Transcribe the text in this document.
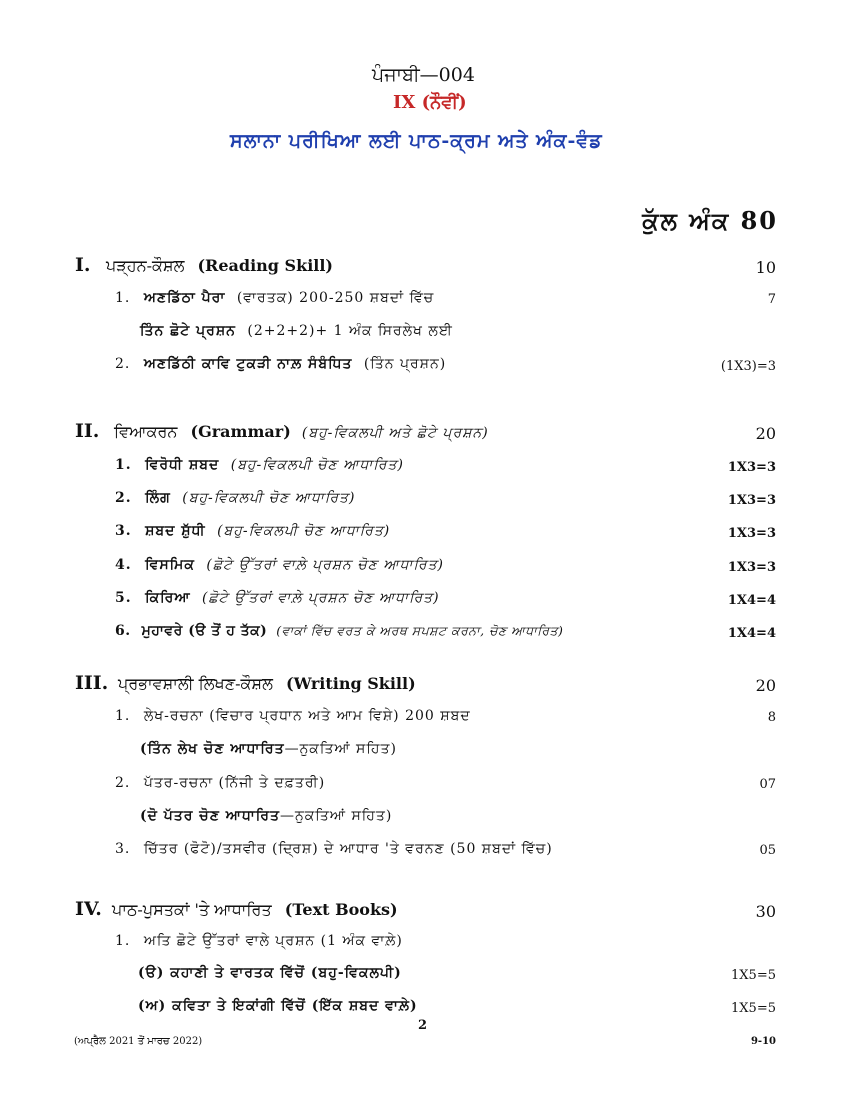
ਪੰਜਾਬੀ—004
IX (ਨੌਵੀਂ)
ਸਲਾਨਾ ਪਰੀਖਿਆ ਲਈ ਪਾਠ-ਕ੍ਰਮ ਅਤੇ ਅੰਕ-ਵੰਡ
ਕੁੱਲ ਅੰਕ 80
I. ਪੜ੍ਹਨ-ਕੌਸ਼ਲ (Reading Skill)	10
1. ਅਣਡਿੱਠਾ ਪੈਰਾ (ਵਾਰਤਕ) 200-250 ਸ਼ਬਦਾਂ ਵਿੱਚ	7
ਤਿੰਨ ਛੋਟੇ ਪ੍ਰਸ਼ਨ (2+2+2)+ 1 ਅੰਕ ਸਿਰਲੇਖ ਲਈ
2. ਅਣਡਿੱਠੀ ਕਾਵਿ ਟੁਕੜੀ ਨਾਲ਼ ਸੰਬੰਧਿਤ (ਤਿੰਨ ਪ੍ਰਸ਼ਨ)	(1X3)=3
II. ਵਿਆਕਰਨ (Grammar) (ਬਹੁ-ਵਿਕਲਪੀ ਅਤੇ ਛੋਟੇ ਪ੍ਰਸ਼ਨ)	20
1. ਵਿਰੋਧੀ ਸ਼ਬਦ (ਬਹੁ-ਵਿਕਲਪੀ ਚੋਣ ਆਧਾਰਿਤ)	1X3=3
2. ਲਿੰਗ (ਬਹੁ-ਵਿਕਲਪੀ ਚੋਣ ਆਧਾਰਿਤ)	1X3=3
3. ਸ਼ਬਦ ਸ਼ੁੱਧੀ (ਬਹੁ-ਵਿਕਲਪੀ ਚੋਣ ਆਧਾਰਿਤ)	1X3=3
4. ਵਿਸਮਿਕ (ਛੋਟੇ ਉੱਤਰਾਂ ਵਾਲ਼ੇ ਪ੍ਰਸ਼ਨ ਚੋਣ ਆਧਾਰਿਤ)	1X3=3
5. ਕਿਰਿਆ (ਛੋਟੇ ਉੱਤਰਾਂ ਵਾਲ਼ੇ ਪ੍ਰਸ਼ਨ ਚੋਣ ਆਧਾਰਿਤ)	1X4=4
6. ਮੁਹਾਵਰੇ (ੳ ਤੋਂ ਹ ਤੱਕ) (ਵਾਕਾਂ ਵਿੱਚ ਵਰਤ ਕੇ ਅਰਥ ਸਪਸ਼ਟ ਕਰਨਾ, ਚੋਣ ਆਧਾਰਿਤ)	1X4=4
III. ਪ੍ਰਭਾਵਸ਼ਾਲੀ ਲਿਖਣ-ਕੌਸ਼ਲ (Writing Skill)	20
1. ਲੇਖ-ਰਚਨਾ (ਵਿਚਾਰ ਪ੍ਰਧਾਨ ਅਤੇ ਆਮ ਵਿਸ਼ੇ) 200 ਸ਼ਬਦ	8
(ਤਿੰਨ ਲੇਖ ਚੋਣ ਆਧਾਰਿਤ—ਨੁਕਤਿਆਂ ਸਹਿਤ)
2. ਪੱਤਰ-ਰਚਨਾ (ਨਿੱਜੀ ਤੇ ਦਫ਼ਤਰੀ)	07
(ਦੋ ਪੱਤਰ ਚੋਣ ਆਧਾਰਿਤ—ਨੁਕਤਿਆਂ ਸਹਿਤ)
3. ਚਿੱਤਰ (ਫੋਟੋ)/ਤਸਵੀਰ (ਦ੍ਰਿਸ਼) ਦੇ ਆਧਾਰ 'ਤੇ ਵਰਨਣ (50 ਸ਼ਬਦਾਂ ਵਿੱਚ)	05
IV. ਪਾਠ-ਪੁਸਤਕਾਂ 'ਤੇ ਆਧਾਰਿਤ (Text Books)	30
1. ਅਤਿ ਛੋਟੇ ਉੱਤਰਾਂ ਵਾਲੇ ਪ੍ਰਸ਼ਨ (1 ਅੰਕ ਵਾਲ਼ੇ)
(ੳ) ਕਹਾਣੀ ਤੇ ਵਾਰਤਕ ਵਿੱਚੋਂ (ਬਹੁ-ਵਿਕਲਪੀ)	1X5=5
(ਅ) ਕਵਿਤਾ ਤੇ ਇਕਾਂਗੀ ਵਿੱਚੋਂ (ਇੱਕ ਸ਼ਬਦ ਵਾਲ਼ੇ)	1X5=5
(ਅਪ੍ਰੈਲ 2021 ਤੋਂ ਮਾਰਚ 2022)
2
9-10
